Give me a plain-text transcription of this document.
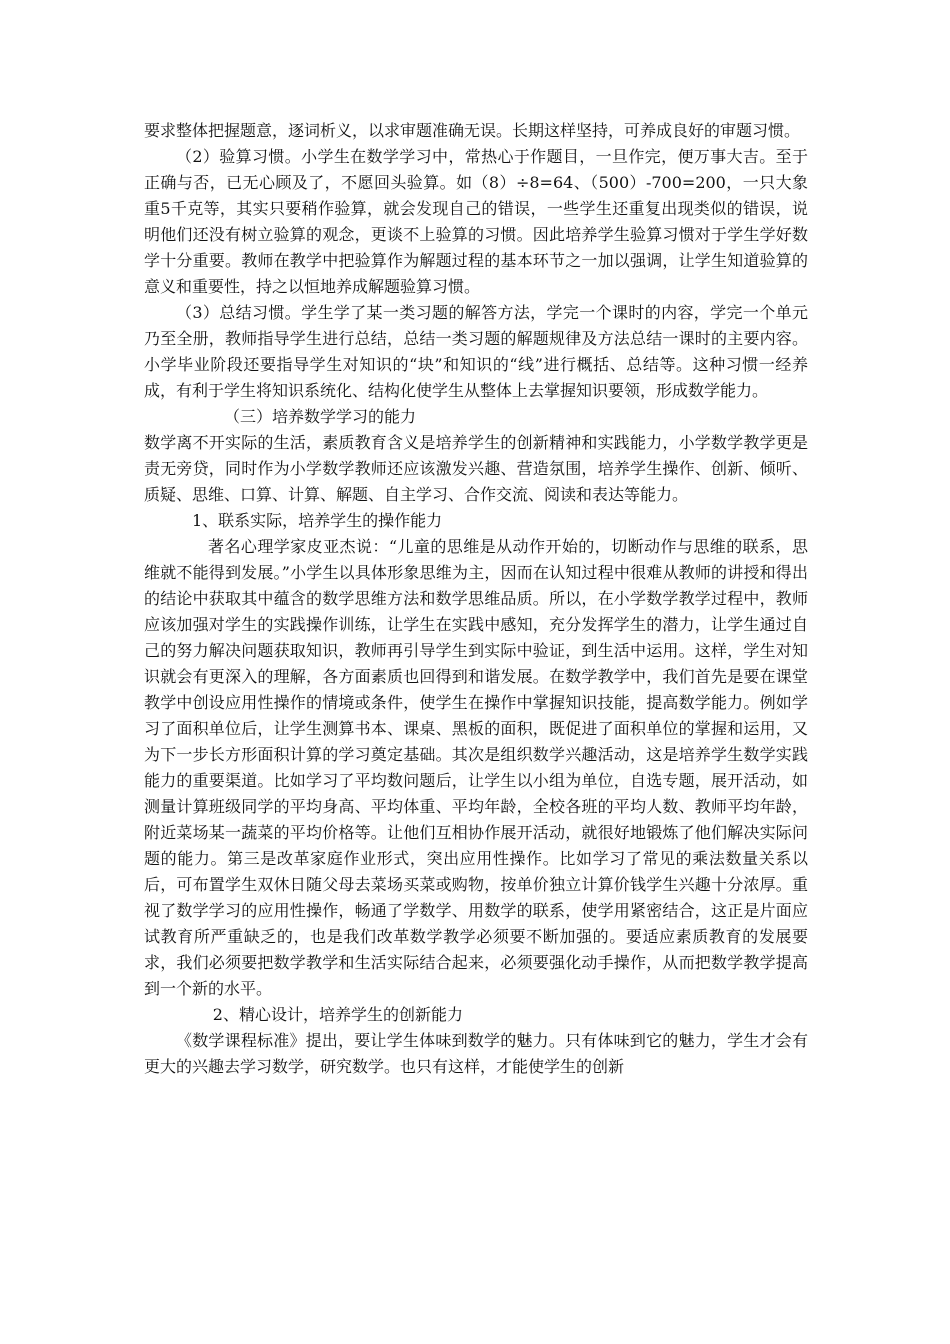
要求整体把握题意，逐词析义，以求审题准确无误。长期这样坚持，可养成良好的审题习惯。

（2）验算习惯。小学生在数学学习中，常热心于作题目，一旦作完，便万事大吉。至于正确与否，已无心顾及了，不愿回头验算。如（8）÷8=64、（500）-700=200，一只大象重5千克等，其实只要稍作验算，就会发现自己的错误，一些学生还重复出现类似的错误，说明他们还没有树立验算的观念，更谈不上验算的习惯。因此培养学生验算习惯对于学生学好数学十分重要。教师在教学中把验算作为解题过程的基本环节之一加以强调，让学生知道验算的意义和重要性，持之以恒地养成解题验算习惯。

（3）总结习惯。学生学了某一类习题的解答方法，学完一个课时的内容，学完一个单元乃至全册，教师指导学生进行总结，总结一类习题的解题规律及方法总结一课时的主要内容。小学毕业阶段还要指导学生对知识的“块”和知识的“线”进行概括、总结等。这种习惯一经养成，有利于学生将知识系统化、结构化使学生从整体上去掌握知识要领，形成数学能力。

（三）培养数学学习的能力

数学离不开实际的生活，素质教育含义是培养学生的创新精神和实践能力，小学数学教学更是责无旁贷，同时作为小学数学教师还应该激发兴趣、营造氛围，培养学生操作、创新、倾听、质疑、思维、口算、计算、解题、自主学习、合作交流、阅读和表达等能力。

1、联系实际，培养学生的操作能力

著名心理学家皮亚杰说：“儿童的思维是从动作开始的，切断动作与思维的联系，思维就不能得到发展。”小学生以具体形象思维为主，因而在认知过程中很难从教师的讲授和得出的结论中获取其中蕴含的数学思维方法和数学思维品质。所以，在小学数学教学过程中，教师应该加强对学生的实践操作训练，让学生在实践中感知，充分发挥学生的潜力，让学生通过自己的努力解决问题获取知识，教师再引导学生到实际中验证，到生活中运用。这样，学生对知识就会有更深入的理解，各方面素质也回得到和谐发展。在数学教学中，我们首先是要在课堂教学中创设应用性操作的情境或条件，使学生在操作中掌握知识技能，提高数学能力。例如学习了面积单位后，让学生测算书本、课桌、黑板的面积，既促进了面积单位的掌握和运用，又为下一步长方形面积计算的学习奠定基础。其次是组织数学兴趣活动，这是培养学生数学实践能力的重要渠道。比如学习了平均数问题后，让学生以小组为单位，自选专题，展开活动，如测量计算班级同学的平均身高、平均体重、平均年龄，全校各班的平均人数、教师平均年龄，附近菜场某一蔬菜的平均价格等。让他们互相协作展开活动，就很好地锻炼了他们解决实际问题的能力。第三是改革家庭作业形式，突出应用性操作。比如学习了常见的乘法数量关系以后，可布置学生双休日随父母去菜场买菜或购物，按单价独立计算价钱学生兴趣十分浓厚。重视了数学学习的应用性操作，畅通了学数学、用数学的联系，使学用紧密结合，这正是片面应试教育所严重缺乏的，也是我们改革数学教学必须要不断加强的。要适应素质教育的发展要求，我们必须要把数学教学和生活实际结合起来，必须要强化动手操作，从而把数学教学提高到一个新的水平。

2、精心设计，培养学生的创新能力

《数学课程标准》提出，要让学生体味到数学的魅力。只有体味到它的魅力，学生才会有更大的兴趣去学习数学，研究数学。也只有这样，才能使学生的创新
